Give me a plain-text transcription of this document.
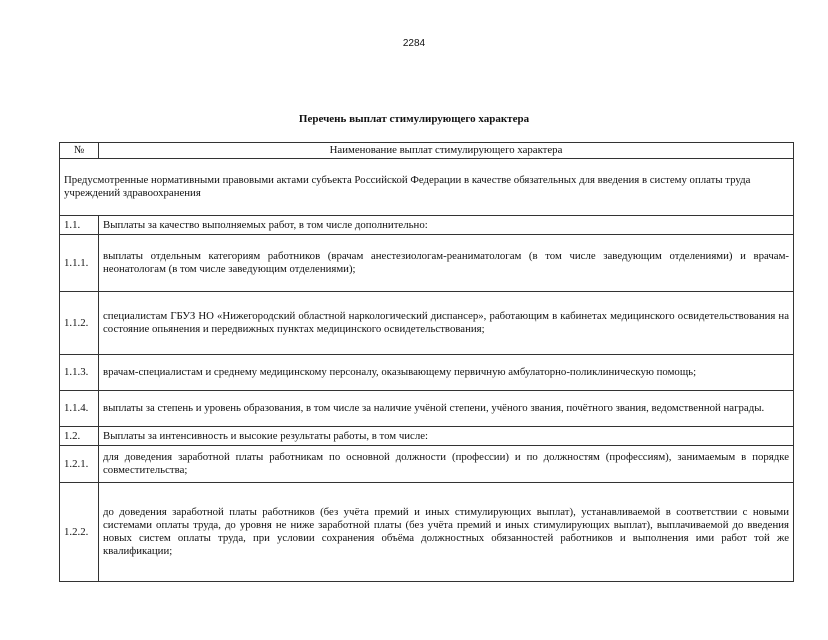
2284
Перечень выплат стимулирующего характера
№	Наименование выплат стимулирующего характера
Предусмотренные нормативными правовыми актами субъекта Российской Федерации в качестве обязательных для введения в систему оплаты труда учреждений здравоохранения	
1.1.	Выплаты за качество выполняемых работ, в том числе дополнительно:
1.1.1.	выплаты отдельным категориям работников (врачам анестезиологам-реаниматологам (в том числе заведующим отделениями) и врачам-неонатологам (в том числе заведующим отделениями);
1.1.2.	специалистам ГБУЗ НО «Нижегородский областной наркологический диспансер», работающим в кабинетах медицинского освидетельствования на состояние опьянения и передвижных пунктах медицинского освидетельствования;
1.1.3.	врачам-специалистам и среднему медицинскому персоналу, оказывающему первичную амбулаторно-поликлиническую помощь;
1.1.4.	выплаты за степень и уровень образования, в том числе за наличие учёной степени, учёного звания, почётного звания, ведомственной награды.
1.2.	Выплаты за интенсивность и высокие результаты работы, в том числе:
1.2.1.	для доведения заработной платы работникам по основной должности (профессии) и по должностям (профессиям), занимаемым в порядке совместительства;
1.2.2.	до доведения заработной платы работников (без учёта премий и иных стимулирующих выплат), устанавливаемой в соответствии с новыми системами оплаты труда, до уровня не ниже заработной платы (без учёта премий и иных стимулирующих выплат), выплачиваемой до введения новых систем оплаты труда, при условии сохранения объёма должностных обязанностей работников и выполнения ими работ той же квалификации;
